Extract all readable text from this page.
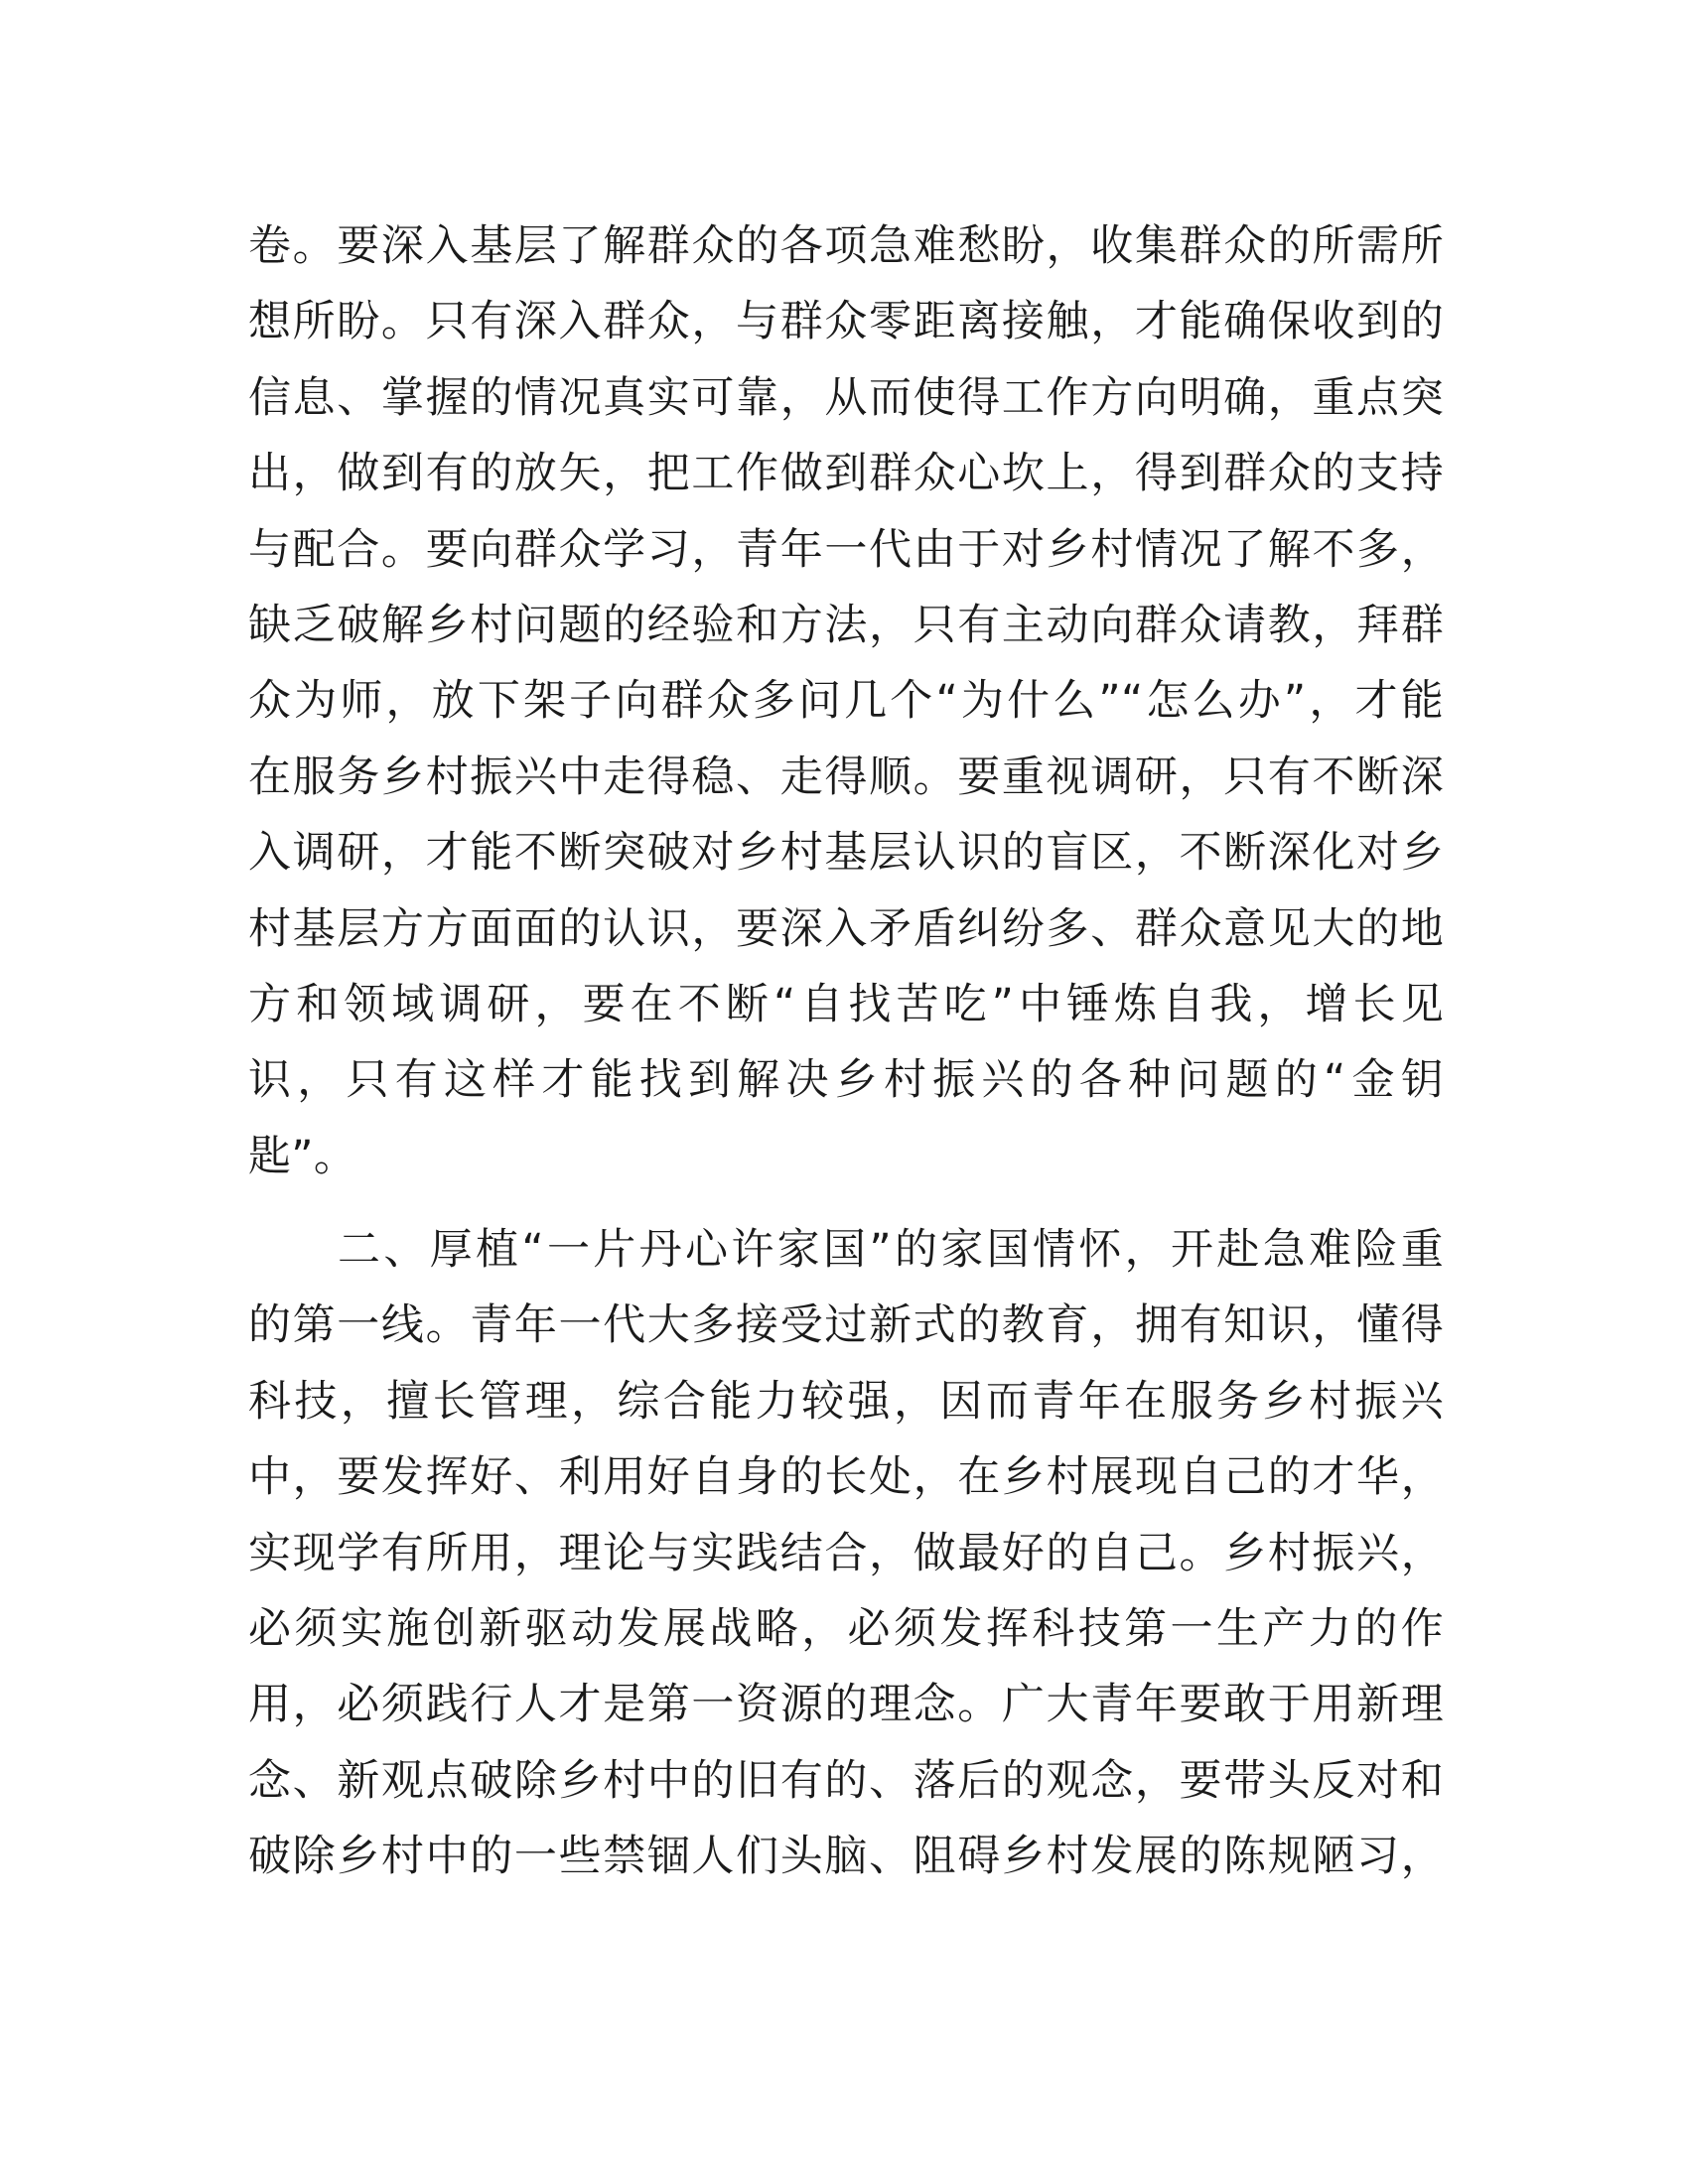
卷。要深入基层了解群众的各项急难愁盼，收集群众的所需所
想所盼。只有深入群众，与群众零距离接触，才能确保收到的
信息、掌握的情况真实可靠，从而使得工作方向明确，重点突
出，做到有的放矢，把工作做到群众心坎上，得到群众的支持
与配合。要向群众学习，青年一代由于对乡村情况了解不多，
缺乏破解乡村问题的经验和方法，只有主动向群众请教，拜群
众为师，放下架子向群众多问几个“为什么”“怎么办”，才能
在服务乡村振兴中走得稳、走得顺。要重视调研，只有不断深
入调研，才能不断突破对乡村基层认识的盲区，不断深化对乡
村基层方方面面的认识，要深入矛盾纠纷多、群众意见大的地
方和领域调研，要在不断“自找苦吃”中锤炼自我，增长见
识，只有这样才能找到解决乡村振兴的各种问题的“金钥
匙”。
二、厚植“一片丹心许家国”的家国情怀，开赴急难险重
的第一线。青年一代大多接受过新式的教育，拥有知识，懂得
科技，擅长管理，综合能力较强，因而青年在服务乡村振兴
中，要发挥好、利用好自身的长处，在乡村展现自己的才华，
实现学有所用，理论与实践结合，做最好的自己。乡村振兴，
必须实施创新驱动发展战略，必须发挥科技第一生产力的作
用，必须践行人才是第一资源的理念。广大青年要敢于用新理
念、新观点破除乡村中的旧有的、落后的观念，要带头反对和
破除乡村中的一些禁锢人们头脑、阻碍乡村发展的陈规陋习，
